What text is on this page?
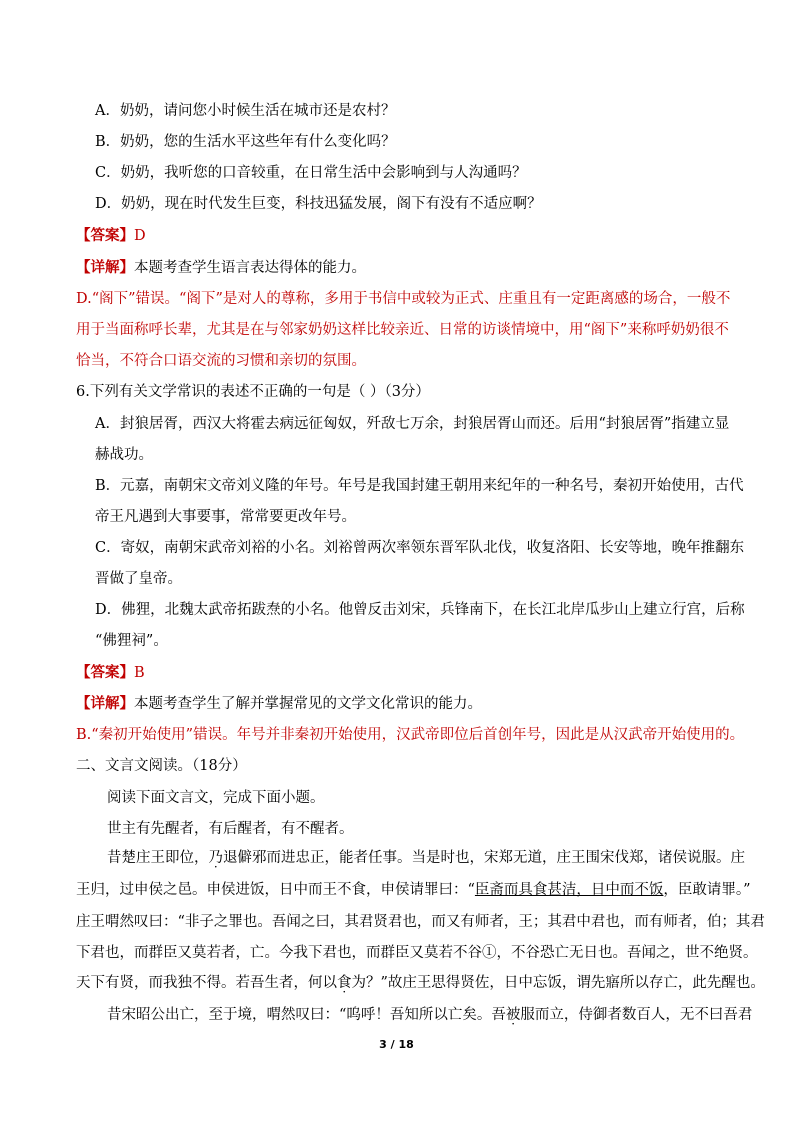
A．奶奶，请问您小时候生活在城市还是农村？
B．奶奶，您的生活水平这些年有什么变化吗？
C．奶奶，我听您的口音较重，在日常生活中会影响到与人沟通吗？
D．奶奶，现在时代发生巨变，科技迅猛发展，阁下有没有不适应啊？
【答案】D
【详解】本题考查学生语言表达得体的能力。
D.“阁下”错误。“阁下”是对人的尊称，多用于书信中或较为正式、庄重且有一定距离感的场合，一般不
用于当面称呼长辈，尤其是在与邻家奶奶这样比较亲近、日常的访谈情境中，用“阁下”来称呼奶奶很不
恰当，不符合口语交流的习惯和亲切的氛围。
6.下列有关文学常识的表述不正确的一句是（ ）（3分）
A．封狼居胥，西汉大将霍去病远征匈奴，歼敌七万余，封狼居胥山而还。后用“封狼居胥”指建立显
赫战功。
B．元嘉，南朝宋文帝刘义隆的年号。年号是我国封建王朝用来纪年的一种名号，秦初开始使用，古代
帝王凡遇到大事要事，常常要更改年号。
C．寄奴，南朝宋武帝刘裕的小名。刘裕曾两次率领东晋军队北伐，收复洛阳、长安等地，晚年推翻东
晋做了皇帝。
D．佛狸，北魏太武帝拓跋焘的小名。他曾反击刘宋，兵锋南下，在长江北岸瓜步山上建立行宫，后称
“佛狸祠”。
【答案】B
【详解】本题考查学生了解并掌握常见的文学文化常识的能力。
B.“秦初开始使用”错误。年号并非秦初开始使用，汉武帝即位后首创年号，因此是从汉武帝开始使用的。
二、文言文阅读。（18分）
阅读下面文言文，完成下面小题。
世主有先醒者，有后醒者，有不醒者。
昔楚庄王即位，乃退僻邪而进忠正，能者任事。当是时也，宋郑无道，庄王围宋伐郑，诸侯说服。庄
王归，过申侯之邑。申侯进饭，日中而王不食，申侯请罪曰：“臣斋而具食甚洁，日中而不饭，臣敢请罪。”
庄王喟然叹曰：“非子之罪也。吾闻之曰，其君贤君也，而又有师者，王；其君中君也，而有师者，伯；其君
下君也，而群臣又莫若者，亡。今我下君也，而群臣又莫若不谷①，不谷恐亡无日也。吾闻之，世不绝贤。
天下有贤，而我独不得。若吾生者，何以食为？”故庄王思得贤佐，日中忘饭，谓先寤所以存亡，此先醒也。
昔宋昭公出亡，至于境，喟然叹曰：“呜呼！吾知所以亡矣。吾被服而立，侍御者数百人，无不曰吾君
3 / 18
